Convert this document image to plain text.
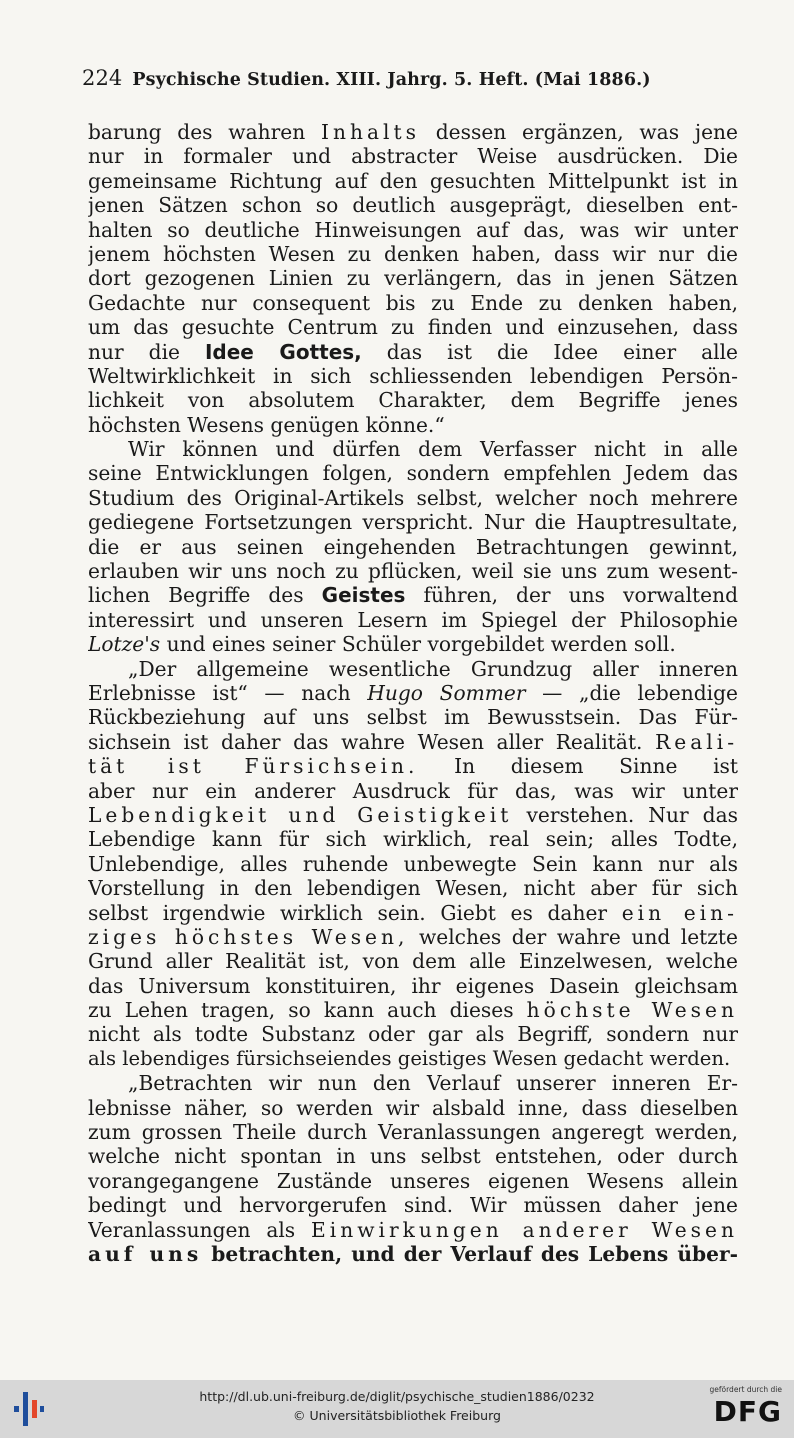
224 Psychische Studien. XIII. Jahrg. 5. Heft. (Mai 1886.)
barung des wahren Inhalts dessen ergänzen, was jene
nur in formaler und abstracter Weise ausdrücken. Die
gemeinsame Richtung auf den gesuchten Mittelpunkt ist in
jenen Sätzen schon so deutlich ausgeprägt, dieselben ent-
halten so deutliche Hinweisungen auf das, was wir unter
jenem höchsten Wesen zu denken haben, dass wir nur die
dort gezogenen Linien zu verlängern, das in jenen Sätzen
Gedachte nur consequent bis zu Ende zu denken haben,
um das gesuchte Centrum zu finden und einzusehen, dass
nur die Idee Gottes, das ist die Idee einer alle
Weltwirklichkeit in sich schliessenden lebendigen Persön-
lichkeit von absolutem Charakter, dem Begriffe jenes
höchsten Wesens genügen könne.“
Wir können und dürfen dem Verfasser nicht in alle
seine Entwicklungen folgen, sondern empfehlen Jedem das
Studium des Original-Artikels selbst, welcher noch mehrere
gediegene Fortsetzungen verspricht. Nur die Hauptresultate,
die er aus seinen eingehenden Betrachtungen gewinnt,
erlauben wir uns noch zu pflücken, weil sie uns zum wesent-
lichen Begriffe des Geistes führen, der uns vorwaltend
interessirt und unseren Lesern im Spiegel der Philosophie
Lotze's und eines seiner Schüler vorgebildet werden soll.
„Der allgemeine wesentliche Grundzug aller inneren
Erlebnisse ist“ — nach Hugo Sommer — „die lebendige
Rückbeziehung auf uns selbst im Bewusstsein. Das Für-
sichsein ist daher das wahre Wesen aller Realität. Reali-
tät ist Fürsichsein. In diesem Sinne ist
aber nur ein anderer Ausdruck für das, was wir unter
Lebendigkeit und Geistigkeit verstehen. Nur das
Lebendige kann für sich wirklich, real sein; alles Todte,
Unlebendige, alles ruhende unbewegte Sein kann nur als
Vorstellung in den lebendigen Wesen, nicht aber für sich
selbst irgendwie wirklich sein. Giebt es daher ein ein-
ziges höchstes Wesen, welches der wahre und letzte
Grund aller Realität ist, von dem alle Einzelwesen, welche
das Universum konstituiren, ihr eigenes Dasein gleichsam
zu Lehen tragen, so kann auch dieses höchste Wesen
nicht als todte Substanz oder gar als Begriff, sondern nur
als lebendiges fürsichseiendes geistiges Wesen gedacht werden.
„Betrachten wir nun den Verlauf unserer inneren Er-
lebnisse näher, so werden wir alsbald inne, dass dieselben
zum grossen Theile durch Veranlassungen angeregt werden,
welche nicht spontan in uns selbst entstehen, oder durch
vorangegangene Zustände unseres eigenen Wesens allein
bedingt und hervorgerufen sind. Wir müssen daher jene
Veranlassungen als Einwirkungen anderer Wesen
auf uns betrachten, und der Verlauf des Lebens über-
http://dl.ub.uni-freiburg.de/diglit/psychische_studien1886/0232
© Universitätsbibliothek Freiburg
gefördert durch die
DFG
